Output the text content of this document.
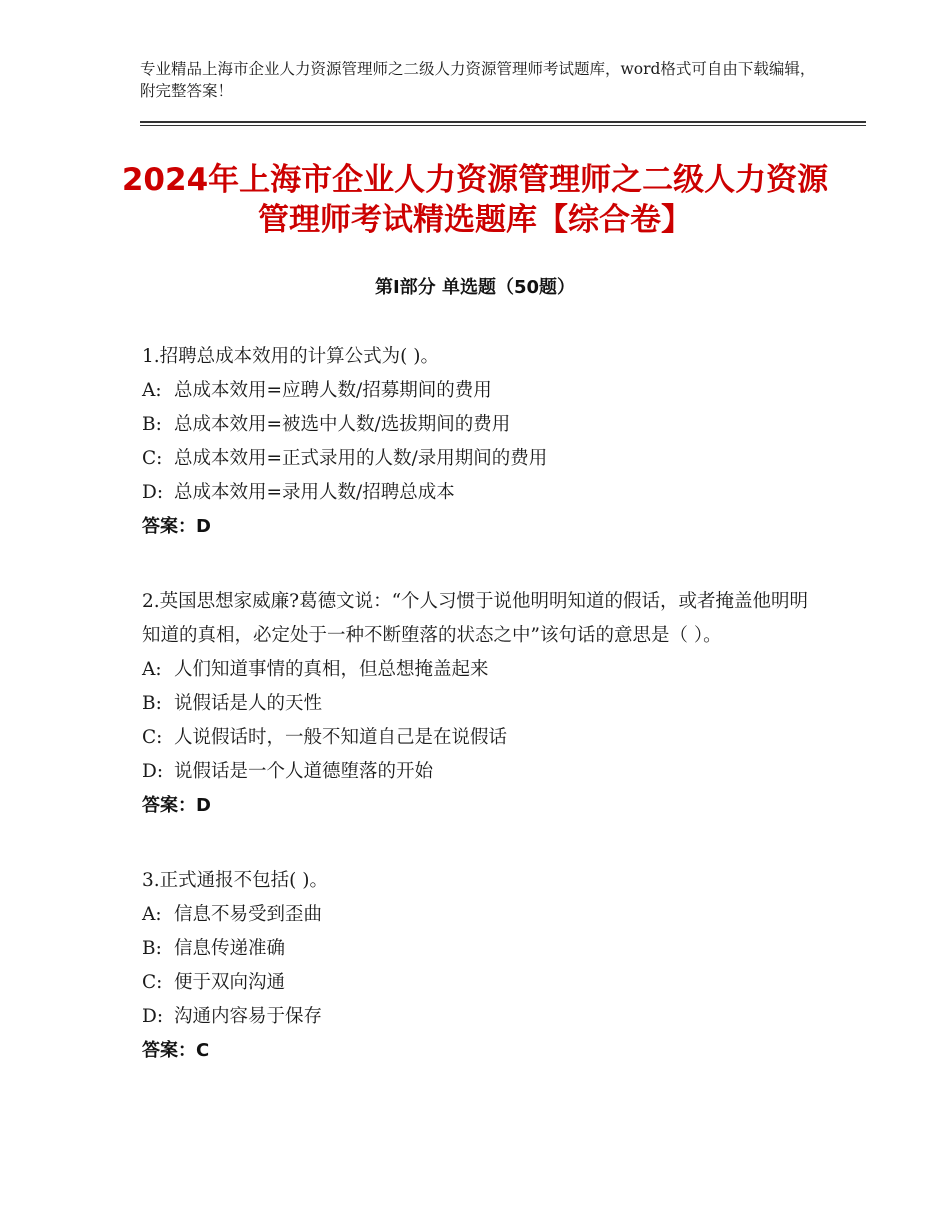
专业精品上海市企业人力资源管理师之二级人力资源管理师考试题库，word格式可自由下载编辑，附完整答案！
2024年上海市企业人力资源管理师之二级人力资源管理师考试精选题库【综合卷】
第Ⅰ部分 单选题（50题）

1.招聘总成本效用的计算公式为( )。

A: 总成本效用=应聘人数/招募期间的费用

B: 总成本效用=被选中人数/选拔期间的费用

C: 总成本效用=正式录用的人数/录用期间的费用

D: 总成本效用=录用人数/招聘总成本

答案：D

2.英国思想家威廉?葛德文说：“个人习惯于说他明明知道的假话，或者掩盖他明明知道的真相，必定处于一种不断堕落的状态之中”该句话的意思是（ ）。

A: 人们知道事情的真相，但总想掩盖起来

B: 说假话是人的天性

C: 人说假话时，一般不知道自己是在说假话

D: 说假话是一个人道德堕落的开始

答案：D

3.正式通报不包括( )。

A: 信息不易受到歪曲

B: 信息传递准确

C: 便于双向沟通

D: 沟通内容易于保存

答案：C
